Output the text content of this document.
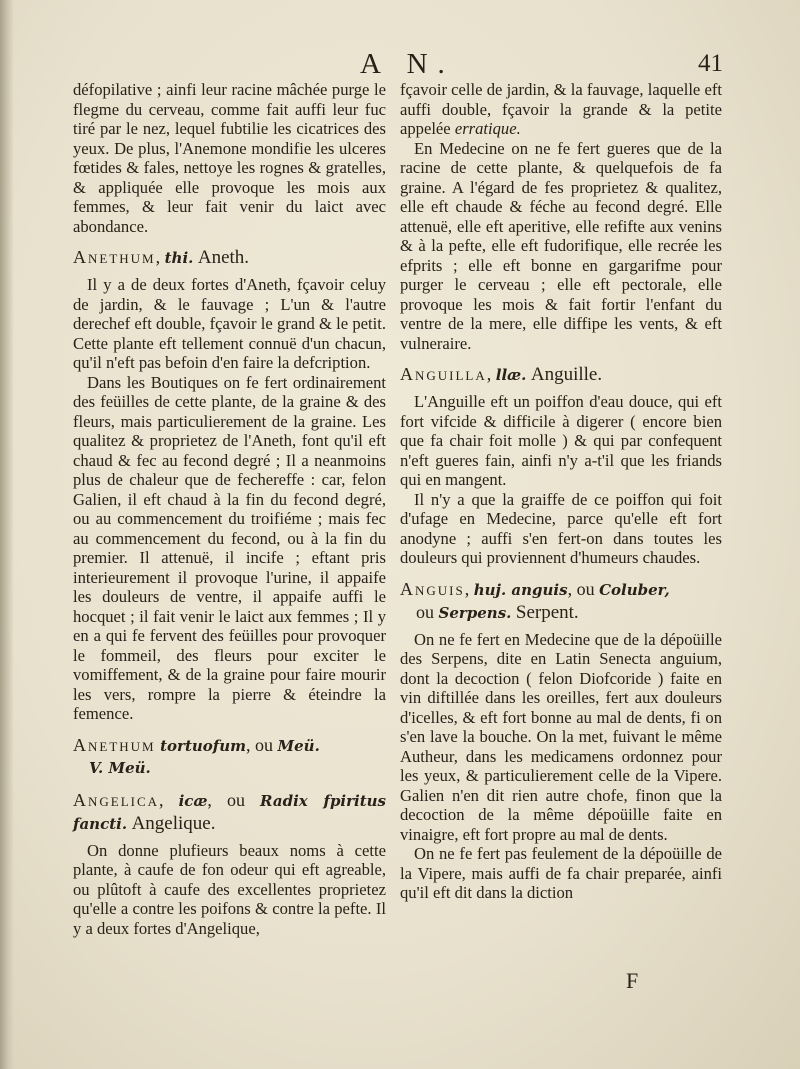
A N.	41

défopilative ; ainfi leur racine mâchée purge le flegme du cerveau, comme fait auffi leur fuc tiré par le nez, lequel fubtilie les cicatrices des yeux. De plus, l'Anemone mondifie les ulceres fœtides & fales, nettoye les rognes & gratelles, & appliquée elle provoque les mois aux femmes, & leur fait venir du laict avec abondance.

Anethum, thi. Aneth.

Il y a de deux fortes d'Aneth, fçavoir celuy de jardin, & le fauvage ; L'un & l'autre derechef eft double, fçavoir le grand & le petit. Cette plante eft tellement connuë d'un chacun, qu'il n'eft pas befoin d'en faire la defcription.

Dans les Boutiques on fe fert ordinairement des feüilles de cette plante, de la graine & des fleurs, mais particulierement de la graine. Les qualitez & proprietez de l'Aneth, font qu'il eft chaud & fec au fecond degré ; Il a neanmoins plus de chaleur que de fechereffe : car, felon Galien, il eft chaud à la fin du fecond degré, ou au commencement du troifiéme ; mais fec au commencement du fecond, ou à la fin du premier. Il attenuë, il incife ; eftant pris interieurement il provoque l'urine, il appaife les douleurs de ventre, il appaife auffi le hocquet ; il fait venir le laict aux femmes ; Il y en a qui fe fervent des feüilles pour provoquer le fommeil, des fleurs pour exciter le vomiffement, & de la graine pour faire mourir les vers, rompre la pierre & éteindre la femence.

Anethum tortuofum, ou Meü.
V. Meü.
Angelica, icæ, ou Radix fpiritus fancti. Angelique.

On donne plufieurs beaux noms à cette plante, à caufe de fon odeur qui eft agreable, ou plûtoft à caufe des excellentes proprietez qu'elle a contre les poifons & contre la pefte. Il y a deux fortes d'Angelique,

fçavoir celle de jardin, & la fauvage, laquelle eft auffi double, fçavoir la grande & la petite appelée erratique.

En Medecine on ne fe fert gueres que de la racine de cette plante, & quelquefois de fa graine. A l'égard de fes proprietez & qualitez, elle eft chaude & féche au fecond degré. Elle attenuë, elle eft aperitive, elle refifte aux venins & à la pefte, elle eft fudorifique, elle recrée les efprits ; elle eft bonne en gargarifme pour purger le cerveau ; elle eft pectorale, elle provoque les mois & fait fortir l'enfant du ventre de la mere, elle diffipe les vents, & eft vulneraire.

Anguilla, llæ. Anguille.

L'Anguille eft un poiffon d'eau douce, qui eft fort vifcide & difficile à digerer ( encore bien que fa chair foit molle ) & qui par confequent n'eft gueres fain, ainfi n'y a-t'il que les friands qui en mangent.

Il n'y a que la graiffe de ce poiffon qui foit d'ufage en Medecine, parce qu'elle eft fort anodyne ; auffi s'en fert-on dans toutes les douleurs qui proviennent d'humeurs chaudes.

Anguis, huj. anguis, ou Coluber,
ou Serpens. Serpent.

On ne fe fert en Medecine que de la dépoüille des Serpens, dite en Latin Senecta anguium, dont la decoction ( felon Diofcoride ) faite en vin diftillée dans les oreilles, fert aux douleurs d'icelles, & eft fort bonne au mal de dents, fi on s'en lave la bouche. On la met, fuivant le même Autheur, dans les medicamens ordonnez pour les yeux, & particulierement celle de la Vipere. Galien n'en dit rien autre chofe, finon que la decoction de la même dépoüille faite en vinaigre, eft fort propre au mal de dents.

On ne fe fert pas feulement de la dépoüille de la Vipere, mais auffi de fa chair preparée, ainfi qu'il eft dit dans la diction

F
